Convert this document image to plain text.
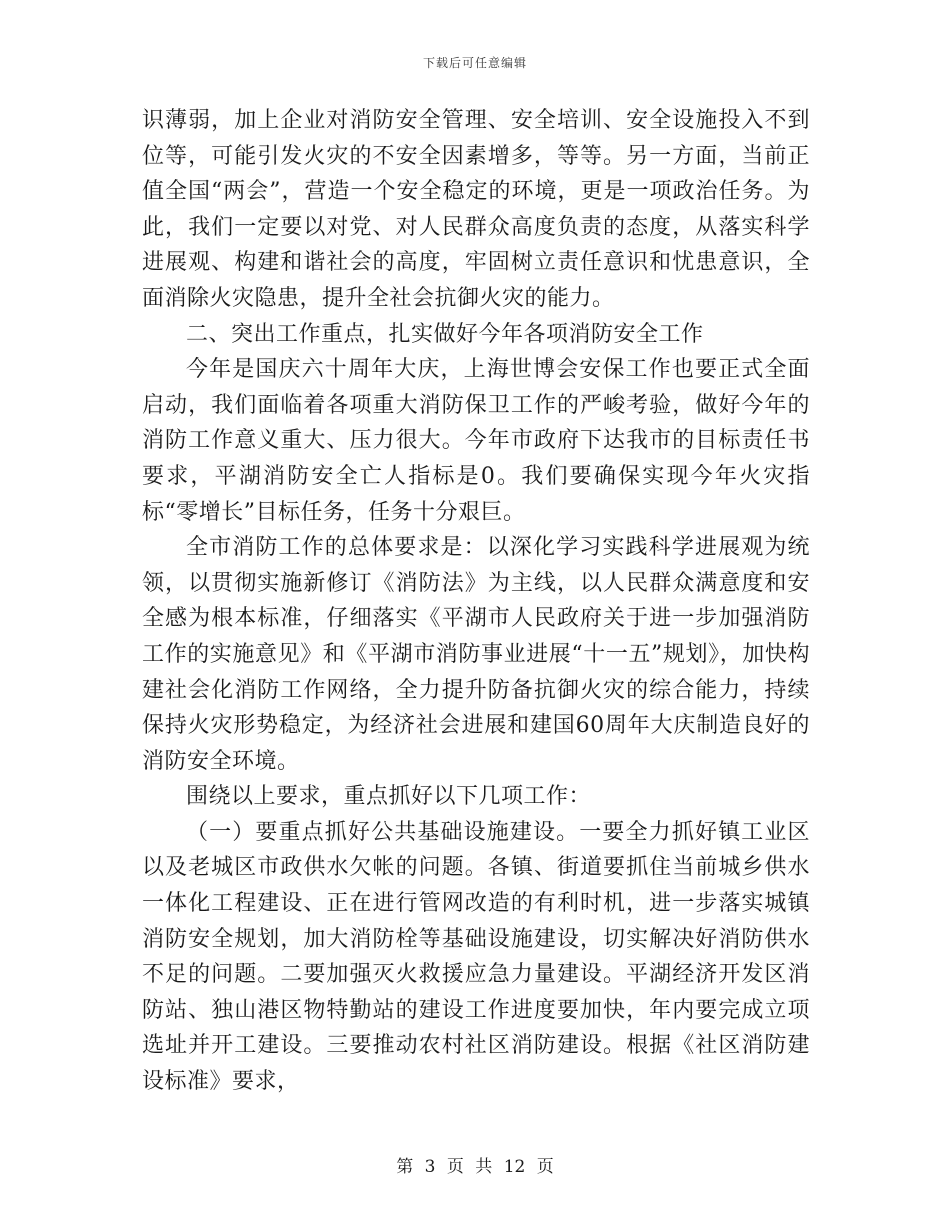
下载后可任意编辑

识薄弱，加上企业对消防安全管理、安全培训、安全设施投入不到位等，可能引发火灾的不安全因素增多，等等。另一方面，当前正值全国“两会”，营造一个安全稳定的环境，更是一项政治任务。为此，我们一定要以对党、对人民群众高度负责的态度，从落实科学进展观、构建和谐社会的高度，牢固树立责任意识和忧患意识，全面消除火灾隐患，提升全社会抗御火灾的能力。

二、突出工作重点，扎实做好今年各项消防安全工作

今年是国庆六十周年大庆，上海世博会安保工作也要正式全面启动，我们面临着各项重大消防保卫工作的严峻考验，做好今年的消防工作意义重大、压力很大。今年市政府下达我市的目标责任书要求，平湖消防安全亡人指标是0。我们要确保实现今年火灾指标“零增长”目标任务，任务十分艰巨。

全市消防工作的总体要求是：以深化学习实践科学进展观为统领，以贯彻实施新修订《消防法》为主线，以人民群众满意度和安全感为根本标准，仔细落实《平湖市人民政府关于进一步加强消防工作的实施意见》和《平湖市消防事业进展“十一五”规划》，加快构建社会化消防工作网络，全力提升防备抗御火灾的综合能力，持续保持火灾形势稳定，为经济社会进展和建国60周年大庆制造良好的消防安全环境。

围绕以上要求，重点抓好以下几项工作：

（一）要重点抓好公共基础设施建设。一要全力抓好镇工业区以及老城区市政供水欠帐的问题。各镇、街道要抓住当前城乡供水一体化工程建设、正在进行管网改造的有利时机，进一步落实城镇消防安全规划，加大消防栓等基础设施建设，切实解决好消防供水不足的问题。二要加强灭火救援应急力量建设。平湖经济开发区消防站、独山港区物特勤站的建设工作进度要加快，年内要完成立项选址并开工建设。三要推动农村社区消防建设。根据《社区消防建设标准》要求，

第 3 页 共 12 页
